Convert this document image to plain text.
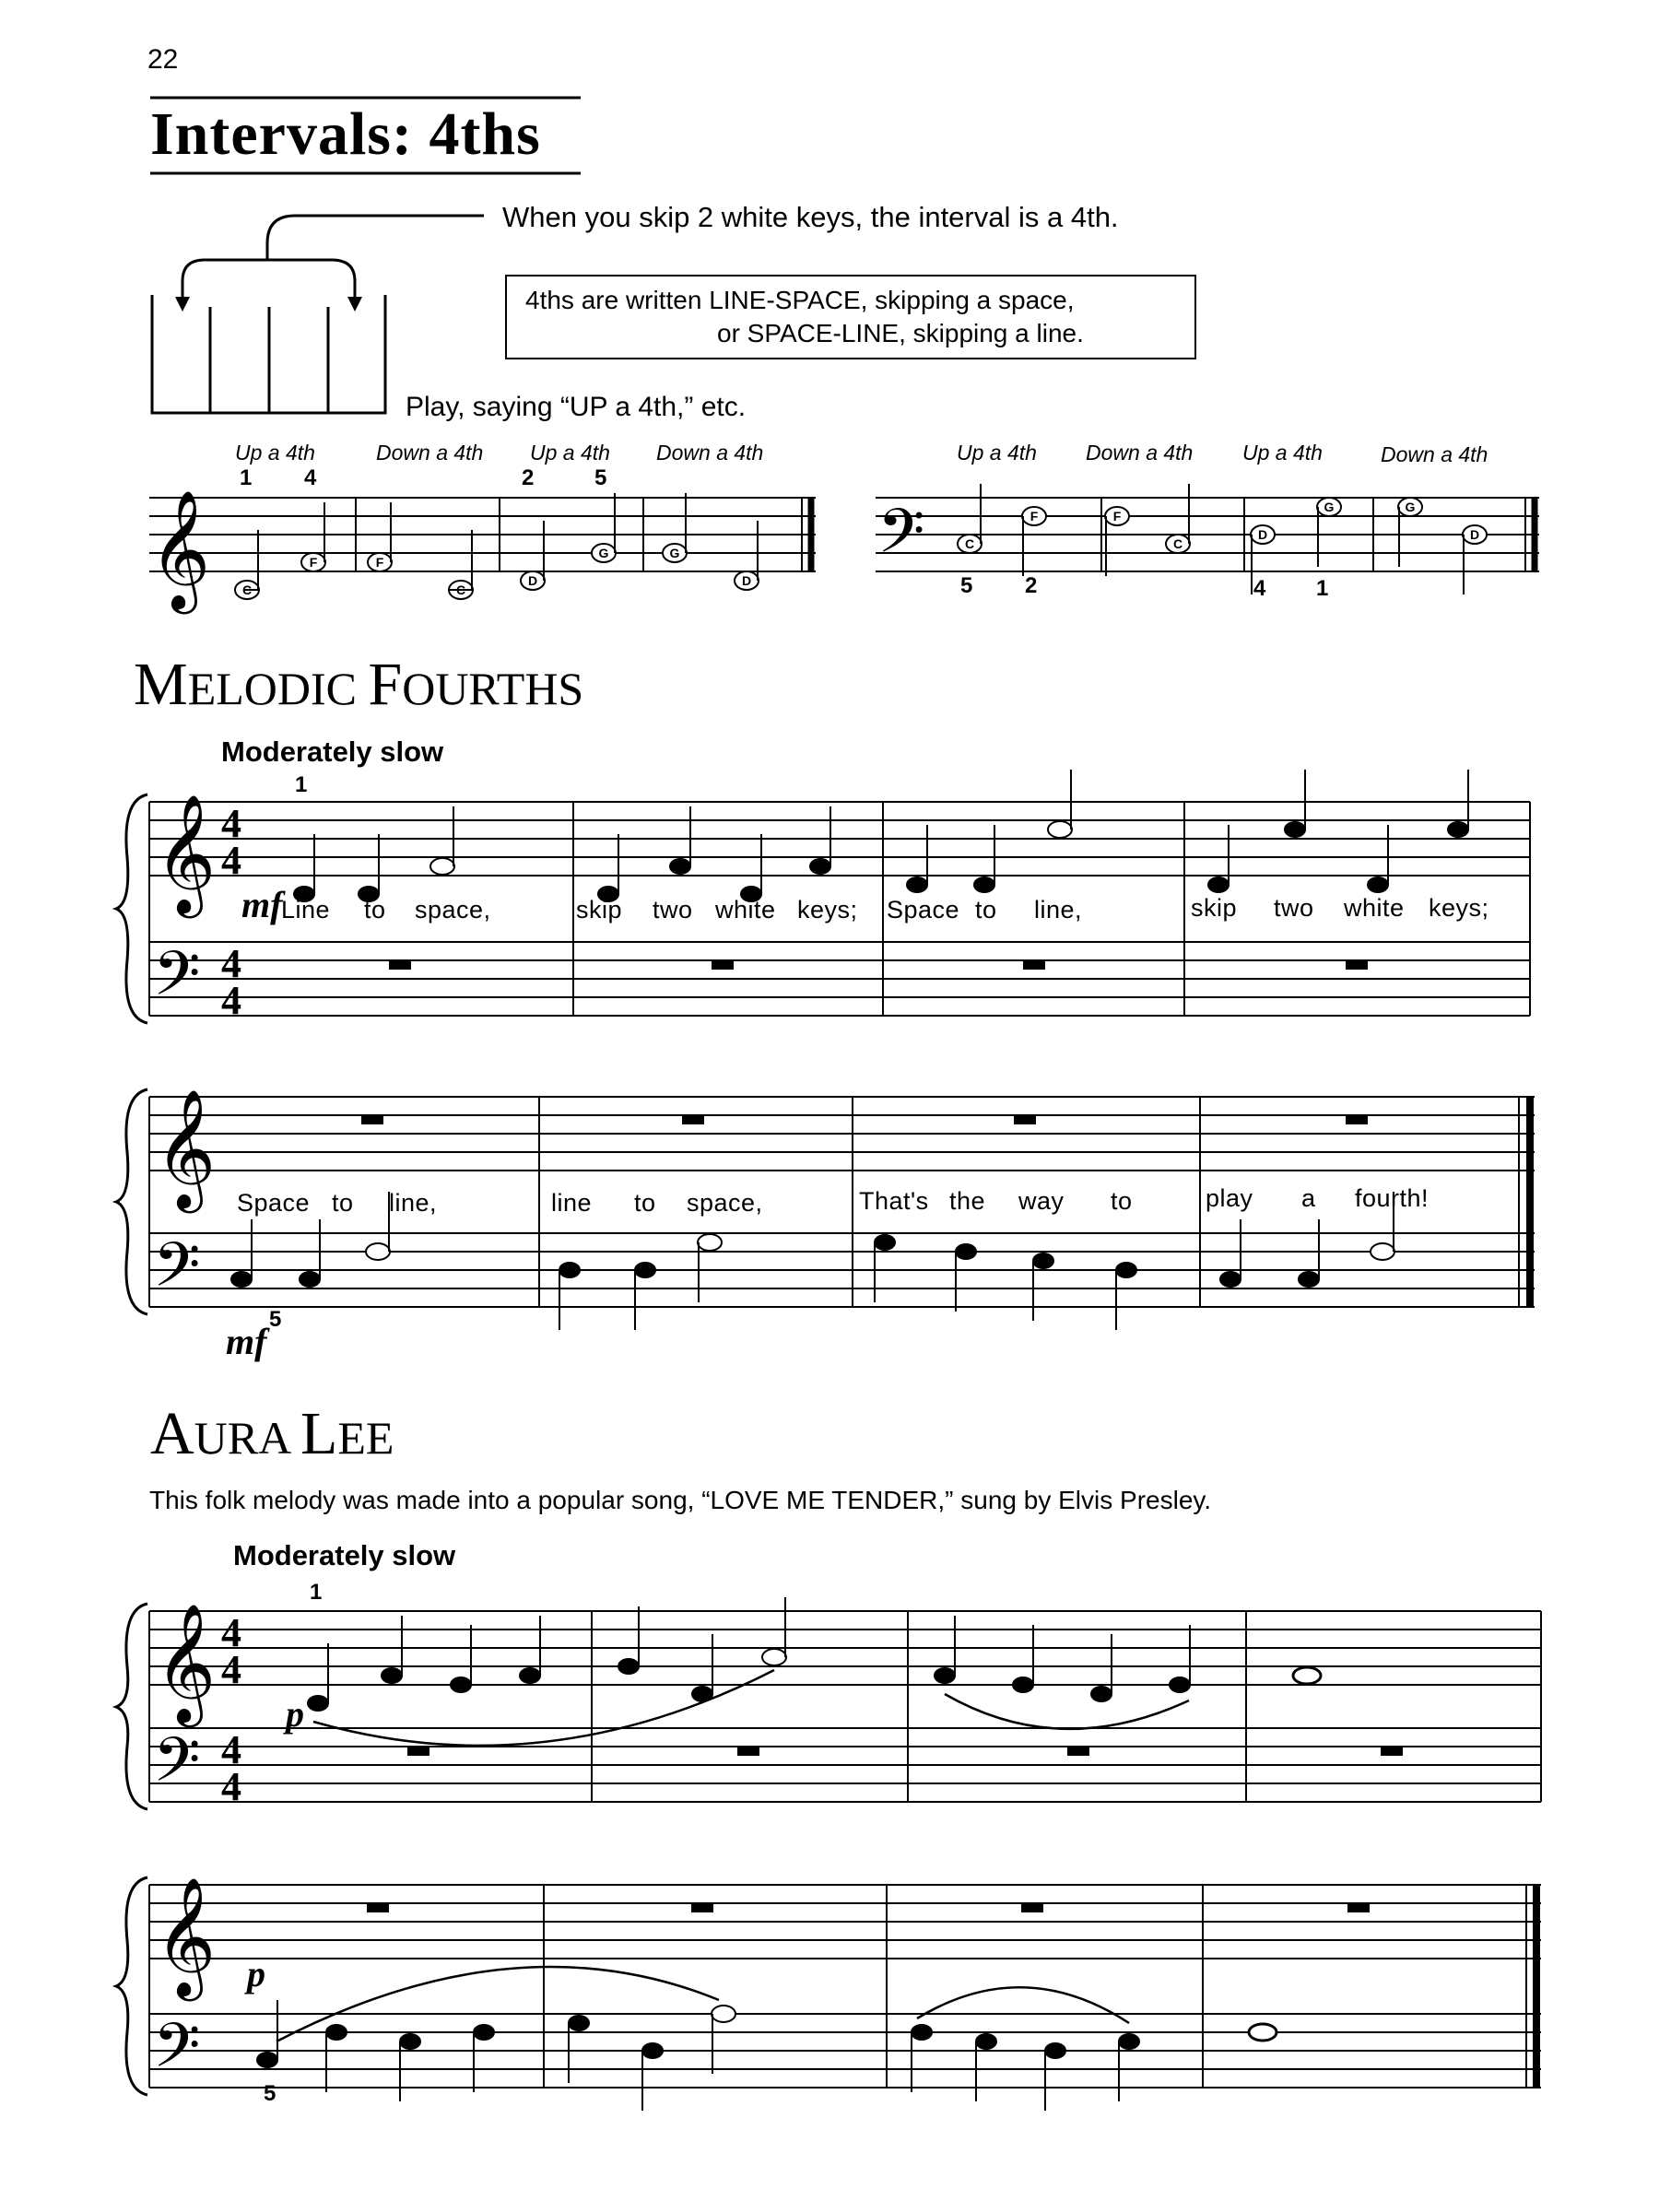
22
Intervals: 4ths
𝄞	𝄢
𝄞
𝄢
𝄞
𝄢
𝄞
𝄢
𝄞
𝄢
4
4
4
4
4
4
4
4
C
F	F
C
D
G	G
D
C
F	F
C
D
G	G
D
When you skip 2 white keys, the interval is a 4th.
4ths are written LINE-SPACE, skipping a space,
or SPACE-LINE, skipping a line.
Play, saying “UP a 4th,” etc.
Up a 4th	Down a 4th Up a 4th Down a 4th	Up a 4th Down a 4th Up a 4th	Down a 4th
1 4	2	5
5 2	4 1
MELODIC FOURTHS
Moderately slow
1
mf
Line to space,	skip two white keys; Space to line,	skip two white keys;
Space to line,	line to space,	That's the way to	play a fourth!
mf
5
AURA LEE
This folk melody was made into a popular song, “LOVE ME TENDER,” sung by Elvis Presley.
Moderately slow
1
p
p
5
